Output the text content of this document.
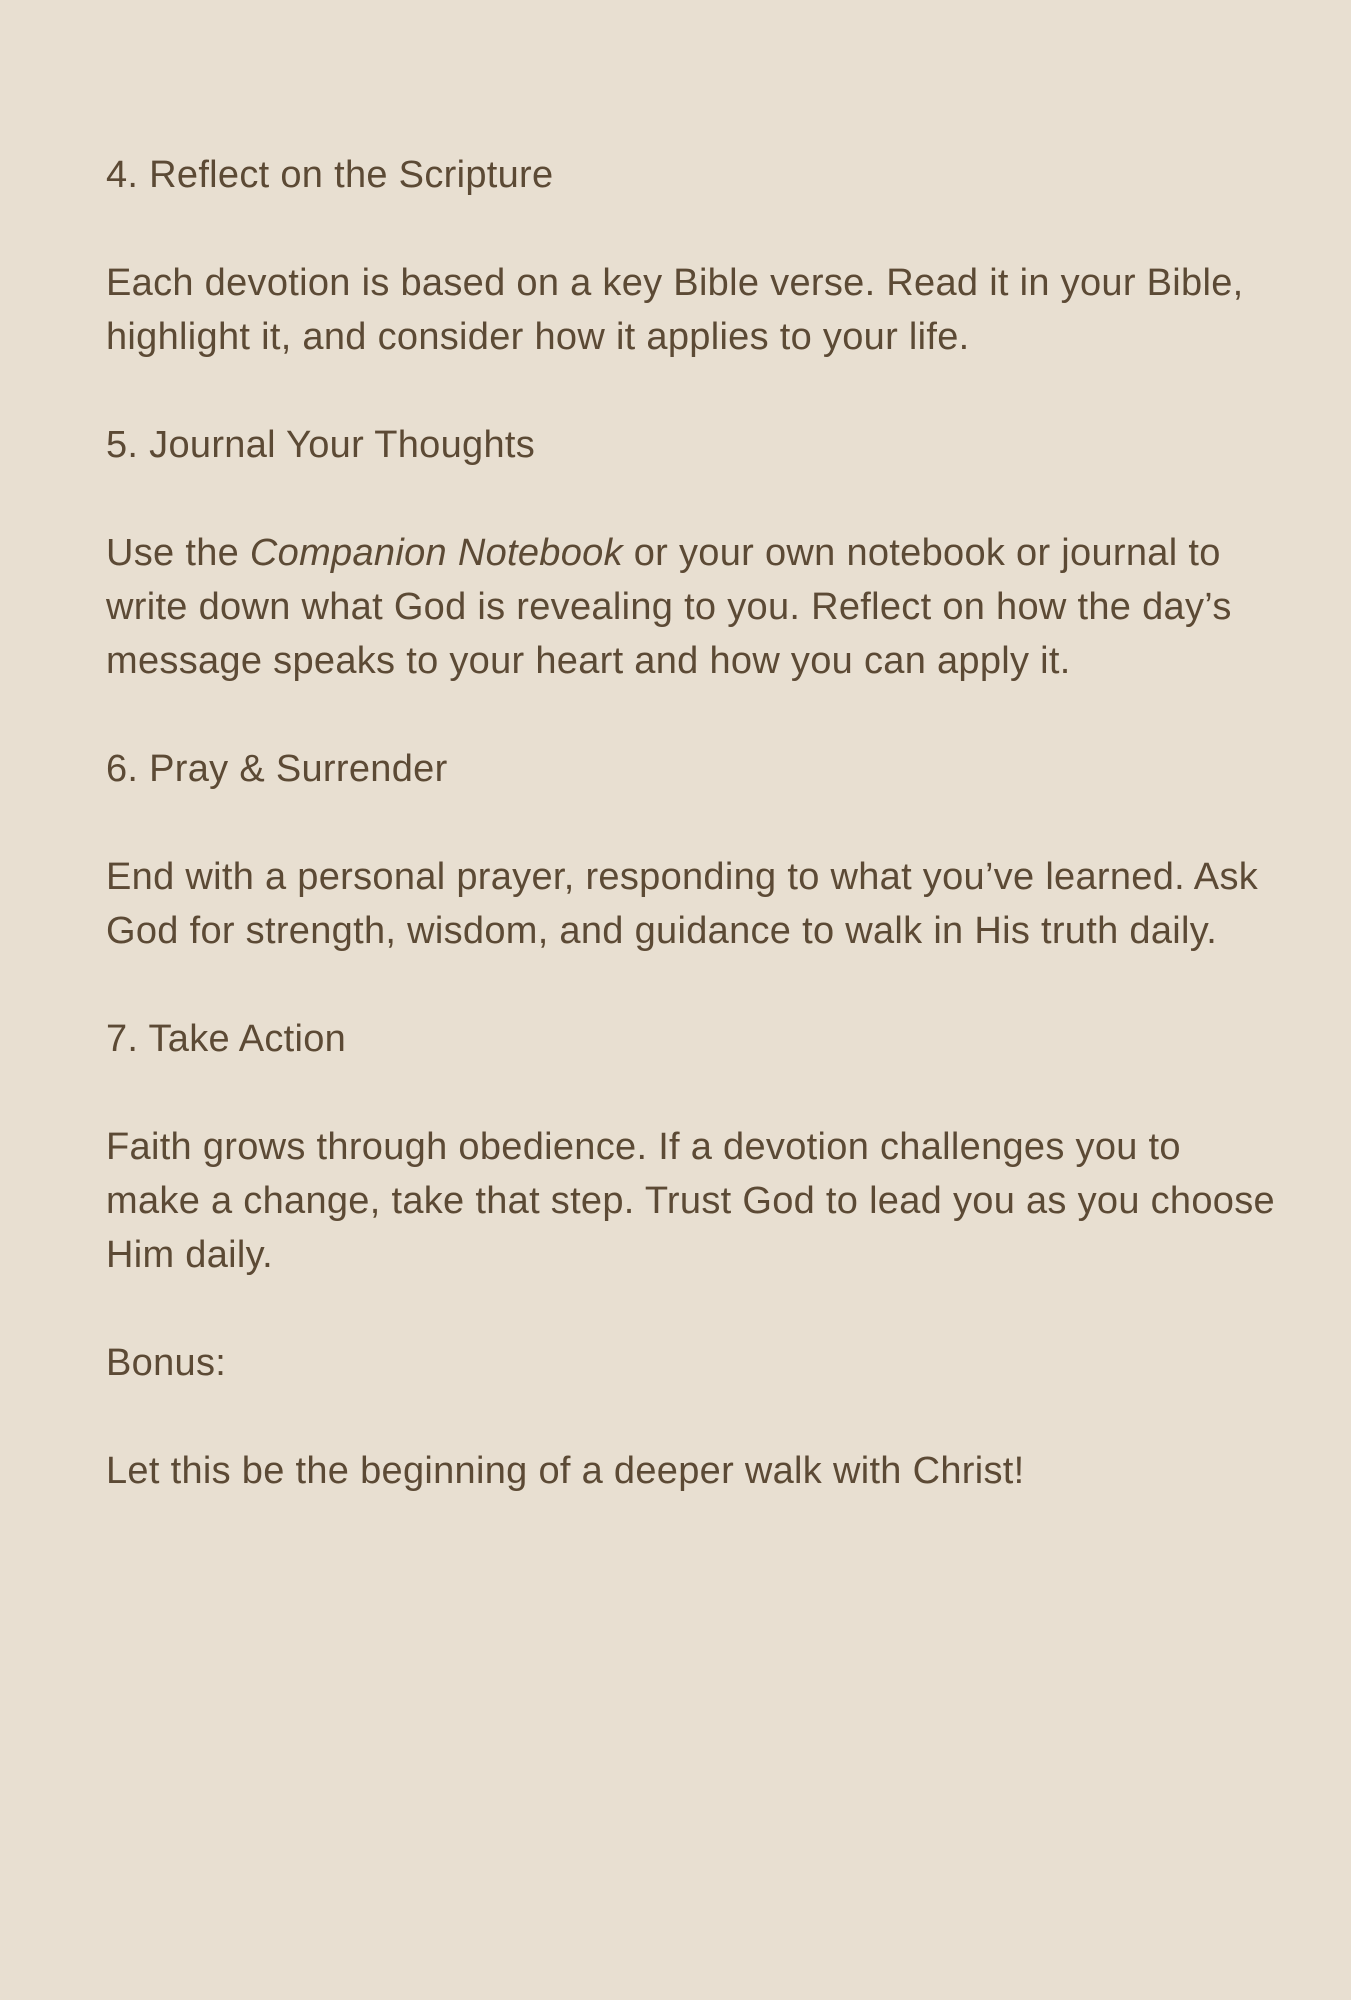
4. Reflect on the Scripture
Each devotion is based on a key Bible verse. Read it in your Bible, highlight it, and consider how it applies to your life.
5. Journal Your Thoughts
Use the Companion Notebook or your own notebook or journal to write down what God is revealing to you. Reflect on how the day’s message speaks to your heart and how you can apply it.
6. Pray & Surrender
End with a personal prayer, responding to what you’ve learned. Ask God for strength, wisdom, and guidance to walk in His truth daily.
7. Take Action
Faith grows through obedience. If a devotion challenges you to make a change, take that step. Trust God to lead you as you choose Him daily.
Bonus:
Let this be the beginning of a deeper walk with Christ!
